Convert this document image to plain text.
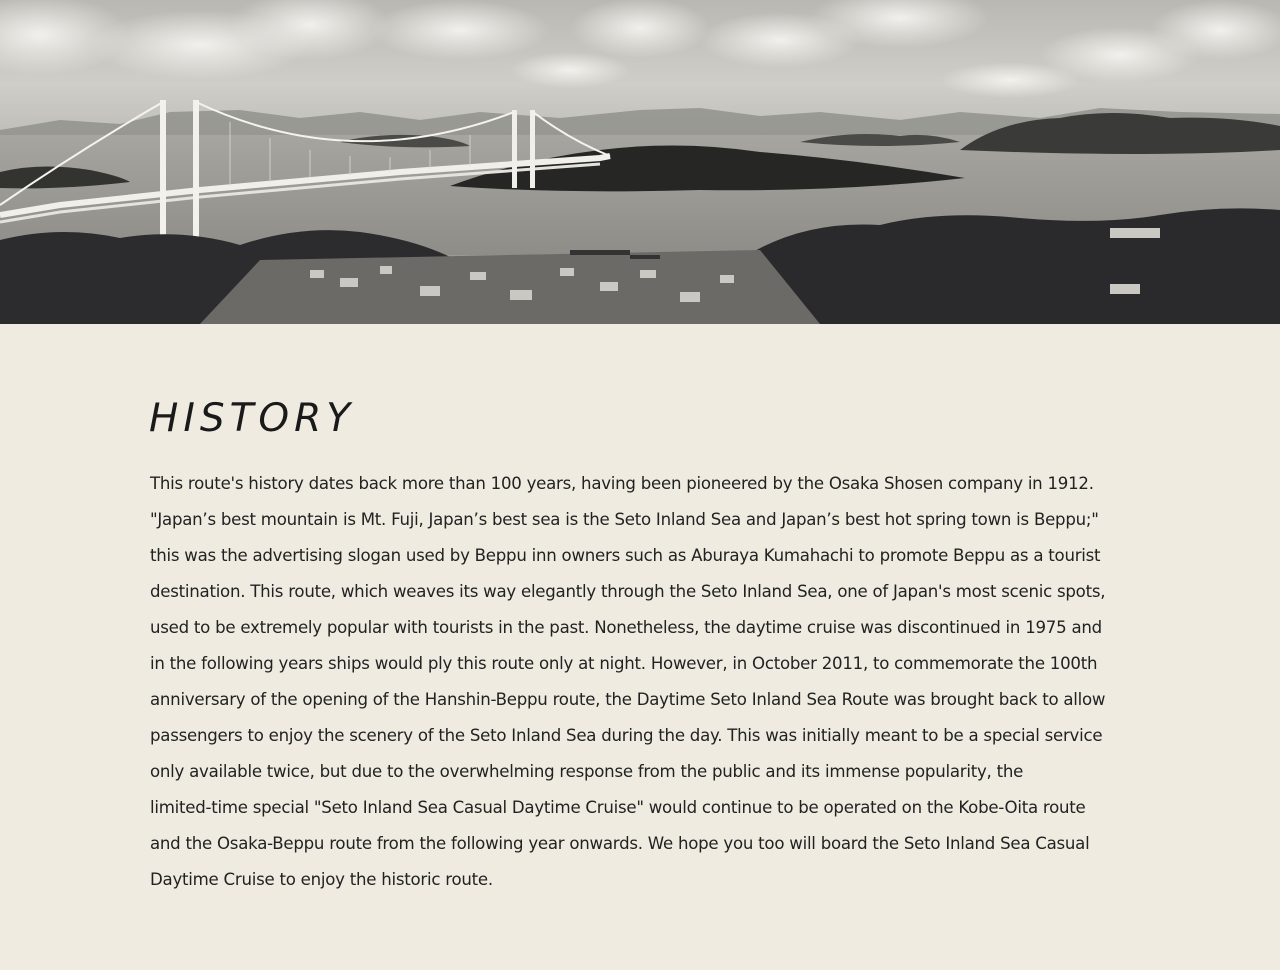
HISTORY

This route's history dates back more than 100 years, having been pioneered by the Osaka Shosen company in 1912.
"Japan’s best mountain is Mt. Fuji, Japan’s best sea is the Seto Inland Sea and Japan’s best hot spring town is Beppu;"
this was the advertising slogan used by Beppu inn owners such as Aburaya Kumahachi to promote Beppu as a tourist
destination. This route, which weaves its way elegantly through the Seto Inland Sea, one of Japan's most scenic spots,
used to be extremely popular with tourists in the past. Nonetheless, the daytime cruise was discontinued in 1975 and
in the following years ships would ply this route only at night. However, in October 2011, to commemorate the 100th
anniversary of the opening of the Hanshin-Beppu route, the Daytime Seto Inland Sea Route was brought back to allow
passengers to enjoy the scenery of the Seto Inland Sea during the day. This was initially meant to be a special service
only available twice, but due to the overwhelming response from the public and its immense popularity, the
limited-time special "Seto Inland Sea Casual Daytime Cruise" would continue to be operated on the Kobe-Oita route
and the Osaka-Beppu route from the following year onwards. We hope you too will board the Seto Inland Sea Casual
Daytime Cruise to enjoy the historic route.
